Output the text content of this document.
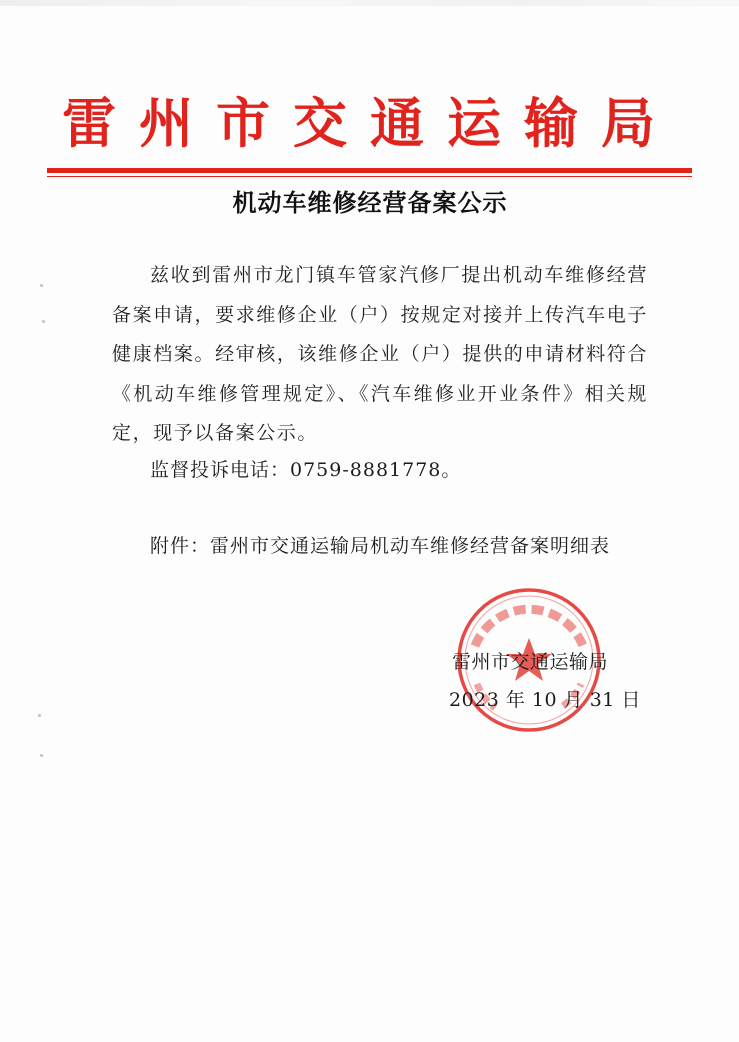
雷州市交通运输局
机动车维修经营备案公示

兹收到雷州市龙门镇车管家汽修厂提出机动车维修经营备案申请，要求维修企业（户）按规定对接并上传汽车电子健康档案。经审核，该维修企业（户）提供的申请材料符合《机动车维修管理规定》、《汽车维修业开业条件》相关规定，现予以备案公示。

监督投诉电话：0759-8881778。
附件：雷州市交通运输局机动车维修经营备案明细表
雷州市交通运输局
2023 年 10 月 31 日
